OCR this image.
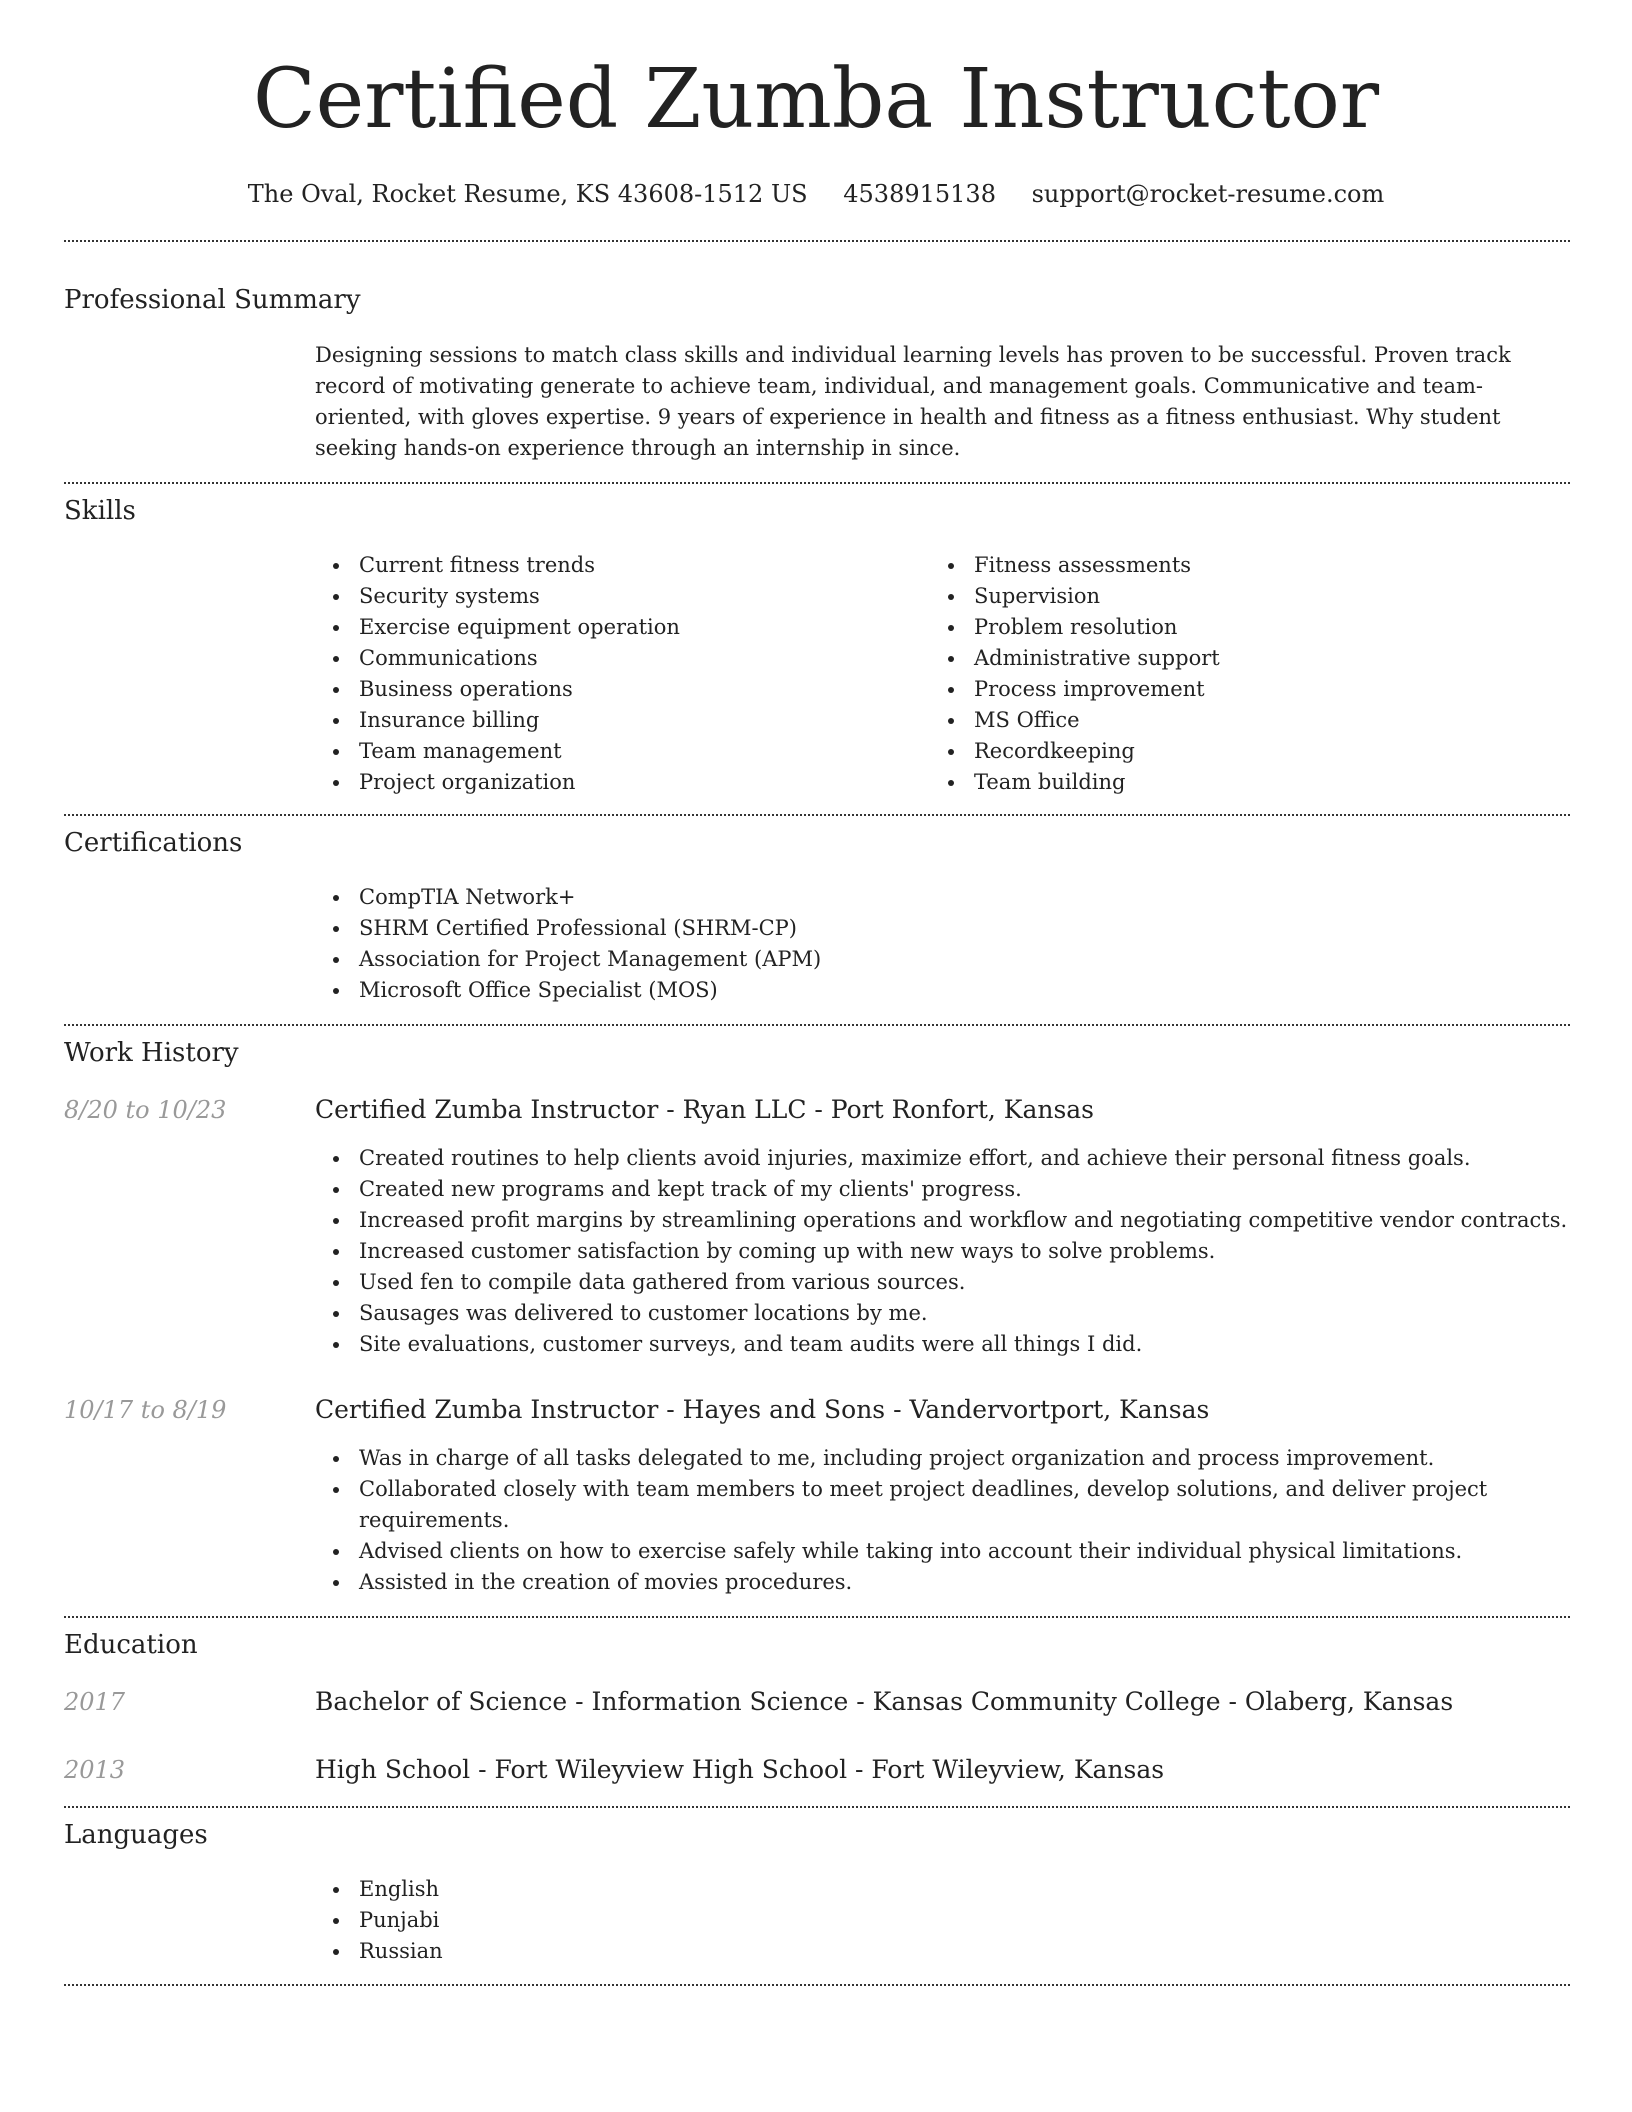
Certified Zumba Instructor
The Oval, Rocket Resume, KS 43608-1512 US 4538915138 support@rocket-resume.com
Professional Summary
Designing sessions to match class skills and individual learning levels has proven to be successful. Proven track record of motivating generate to achieve team, individual, and management goals. Communicative and team-oriented, with gloves expertise. 9 years of experience in health and fitness as a fitness enthusiast. Why student seeking hands-on experience through an internship in since.
Skills
Current fitness trends
Security systems
Exercise equipment operation
Communications
Business operations
Insurance billing
Team management
Project organization
Fitness assessments
Supervision
Problem resolution
Administrative support
Process improvement
MS Office
Recordkeeping
Team building
Certifications
CompTIA Network+
SHRM Certified Professional (SHRM-CP)
Association for Project Management (APM)
Microsoft Office Specialist (MOS)
Work History
8/20 to 10/23	Certified Zumba Instructor - Ryan LLC - Port Ronfort, Kansas
Created routines to help clients avoid injuries, maximize effort, and achieve their personal fitness goals.
Created new programs and kept track of my clients' progress.
Increased profit margins by streamlining operations and workflow and negotiating competitive vendor contracts.
Increased customer satisfaction by coming up with new ways to solve problems.
Used fen to compile data gathered from various sources.
Sausages was delivered to customer locations by me.
Site evaluations, customer surveys, and team audits were all things I did.
10/17 to 8/19	Certified Zumba Instructor - Hayes and Sons - Vandervortport, Kansas
Was in charge of all tasks delegated to me, including project organization and process improvement.
Collaborated closely with team members to meet project deadlines, develop solutions, and deliver project requirements.
Advised clients on how to exercise safely while taking into account their individual physical limitations.
Assisted in the creation of movies procedures.
Education
2017	Bachelor of Science - Information Science - Kansas Community College - Olaberg, Kansas
2013	High School - Fort Wileyview High School - Fort Wileyview, Kansas
Languages
English
Punjabi
Russian
